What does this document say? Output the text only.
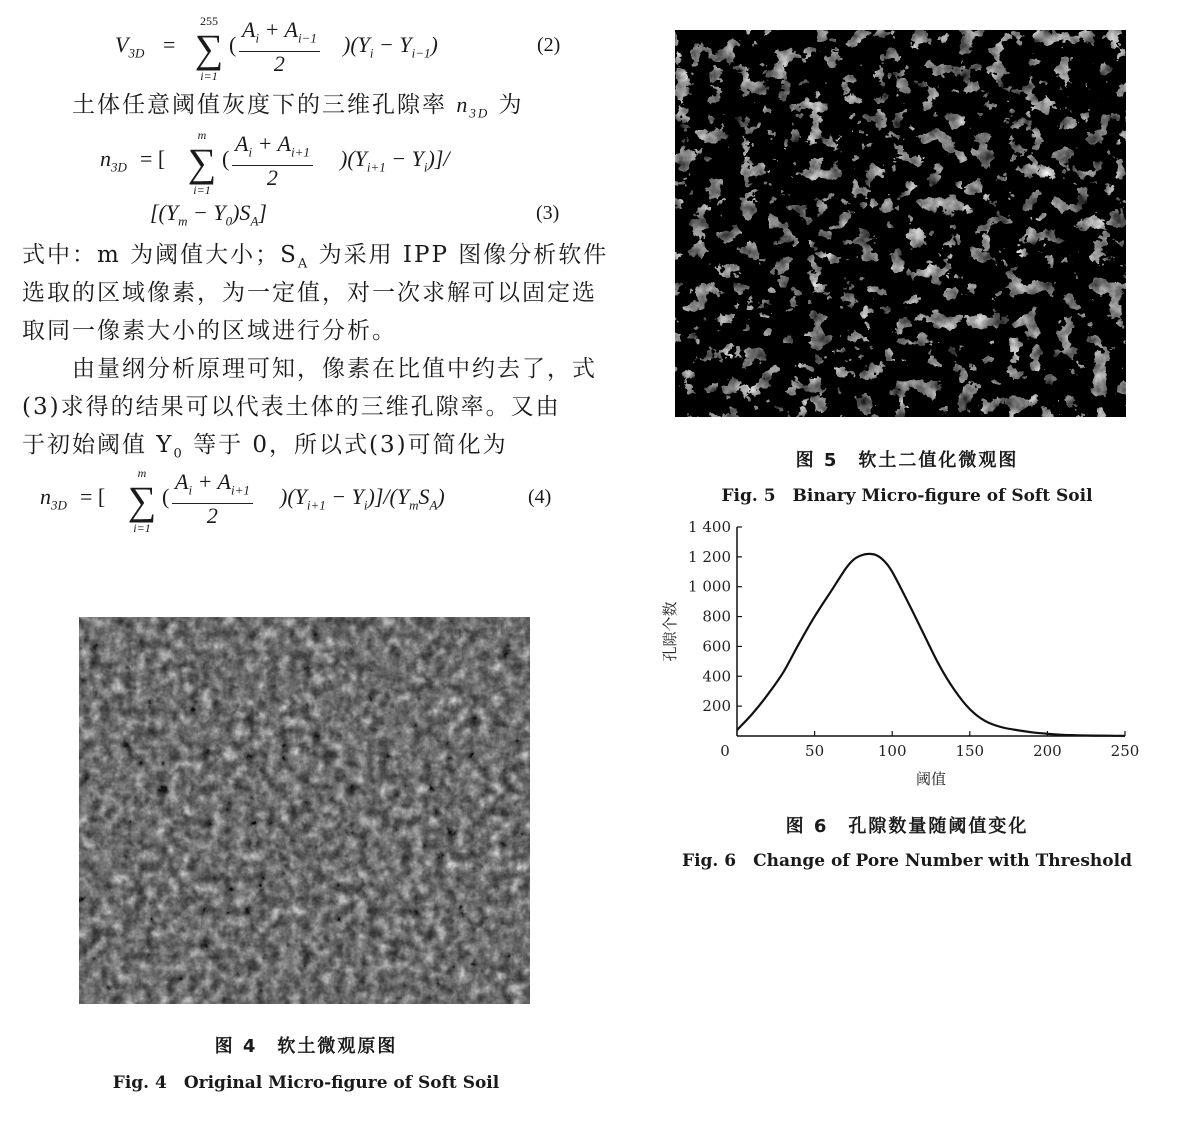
$V_{3D}$ =
255
∑
i=1
( $\frac{A_i + A_{i-1}}{2} )(Y_i - Y_{i-1})$	(2)
土体任意阈值灰度下的三维孔隙率 $n_{3D}$ 为
$n_{3D}$ = [
m
∑
i=1
( $\frac{A_i + A_{i+1}}{2} )(Y_{i+1} - Y_i)]/$
$[(Y_m - Y_0)S_A]$	(3)
式中：m 为阈值大小；$S_A$ 为采用 IPP 图像分析软件
选取的区域像素，为一定值，对一次求解可以固定选
取同一像素大小的区域进行分析。
由量纲分析原理可知，像素在比值中约去了，式
(3)求得的结果可以代表土体的三维孔隙率。又由
于初始阈值 $Y_0$ 等于 0，所以式(3)可简化为
$n_{3D}$ = [
m
∑
i=1
( $\frac{A_i + A_{i+1}}{2} )(Y_{i+1} - Y_i)]/(Y_mS_A)$	(4)
图 4　软土微观原图
Fig. 4　Original Micro-figure of Soft Soil
图 5　软土二值化微观图
Fig. 5　Binary Micro-figure of Soft Soil
200
400
600
800
1 000
1 200
1 400
0	50	100	150	200	250
阈值
孔隙个数
图 6　孔隙数量随阈值变化
Fig. 6　Change of Pore Number with Threshold
